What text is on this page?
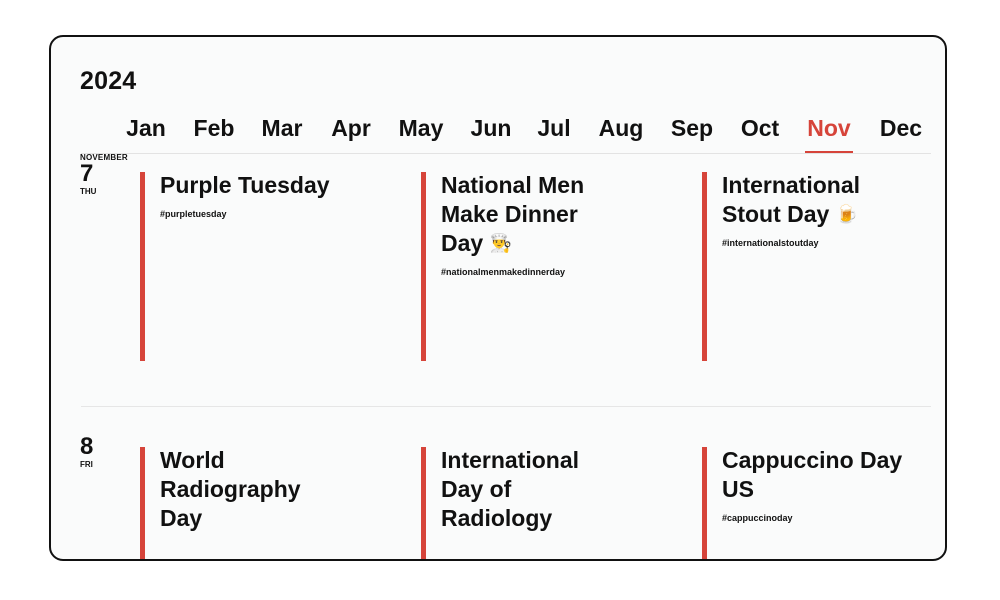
2024
Jan Feb Mar Apr May Jun Jul Aug Sep Oct Nov Dec
NOVEMBER
7
THU	Purple Tuesday
#purpletuesday
National Men Make Dinner Day 👨‍🍳
#nationalmenmakedinnerday
International Stout Day 🍺
#internationalstoutday
8
FRI	World Radiography Day
International Day of Radiology
Cappuccino Day US
#cappuccinoday
